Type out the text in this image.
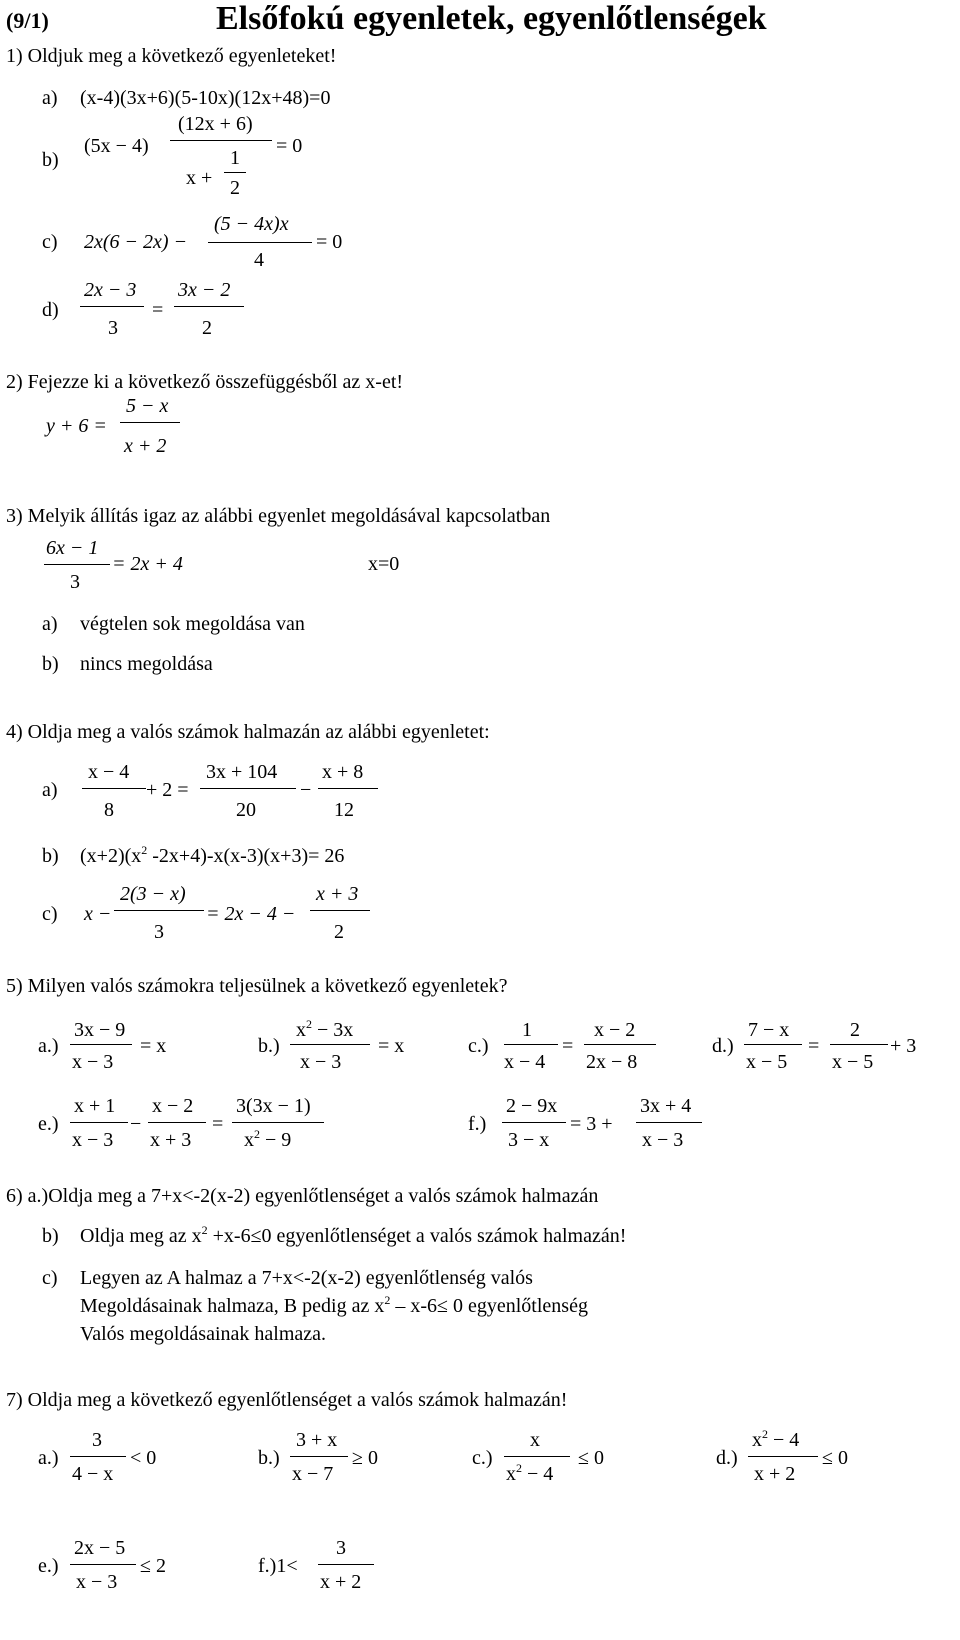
(9/1)	Elsőfokú egyenletek, egyenlőtlenségek
1) Oldjuk meg a következő egyenleteket!
a) (x-4)(3x+6)(5-10x)(12x+48)=0
b)
(5x − 4)
(12x + 6)
x +
1
2
= 0
c) 2x(6 − 2x) −
(5 − 4x)x
4
= 0
d)
2x − 3
3
=
3x − 2
2
2) Fejezze ki a következő összefüggésből az x-et!
y + 6 =
5 − x
x + 2
3) Melyik állítás igaz az alábbi egyenlet megoldásával kapcsolatban
6x − 1
3
= 2x + 4	x=0
a) végtelen sok megoldása van
b) nincs megoldása
4) Oldja meg a valós számok halmazán az alábbi egyenletet:
a)
x − 4
8
+ 2 =
3x + 104
20
−
x + 8
12
b) $(x+2)(x^2$ -2x+4)-x(x-3)(x+3)= 26
c) x −
2(3 − x)
3
= 2x − 4 −
x + 3
2
5) Milyen valós számokra teljesülnek a következő egyenletek?
a.)
3x − 9
x − 3
= x	b.)
$x^2 - 3x$
x − 3
= x	c.)
1
x − 4
=
x − 2
2x − 8
d.)
7 − x
x − 5
=
2
x − 5
+ 3
e.)
x + 1
x − 3
−
x − 2
x + 3
=
3(3x − 1)
$x^2 - 9$
f.)
2 − 9x
3 − x
= 3 +
3x + 4
x − 3
6) a.)Oldja meg a 7+x<-2(x-2) egyenlőtlenséget a valós számok halmazán
b) Oldja meg az $x^2 +x-6\le 0$ egyenlőtlenséget a valós számok halmazán!
c) Legyen az A halmaz a 7+x<-2(x-2) egyenlőtlenség valós
Megoldásainak halmaza, B pedig az $x^2 - x-6\le 0$ egyenlőtlenség
Valós megoldásainak halmaza.
7) Oldja meg a következő egyenlőtlenséget a valós számok halmazán!
a.)
3
4 − x
< 0	b.)
3 + x
x − 7
≥ 0	c.)
x
$x^2 - 4$
≤ 0	d.)
$x^2 - 4$
x + 2
≤ 0
e.)
2x − 5
x − 3
≤ 2	f.)1<
3
x + 2
